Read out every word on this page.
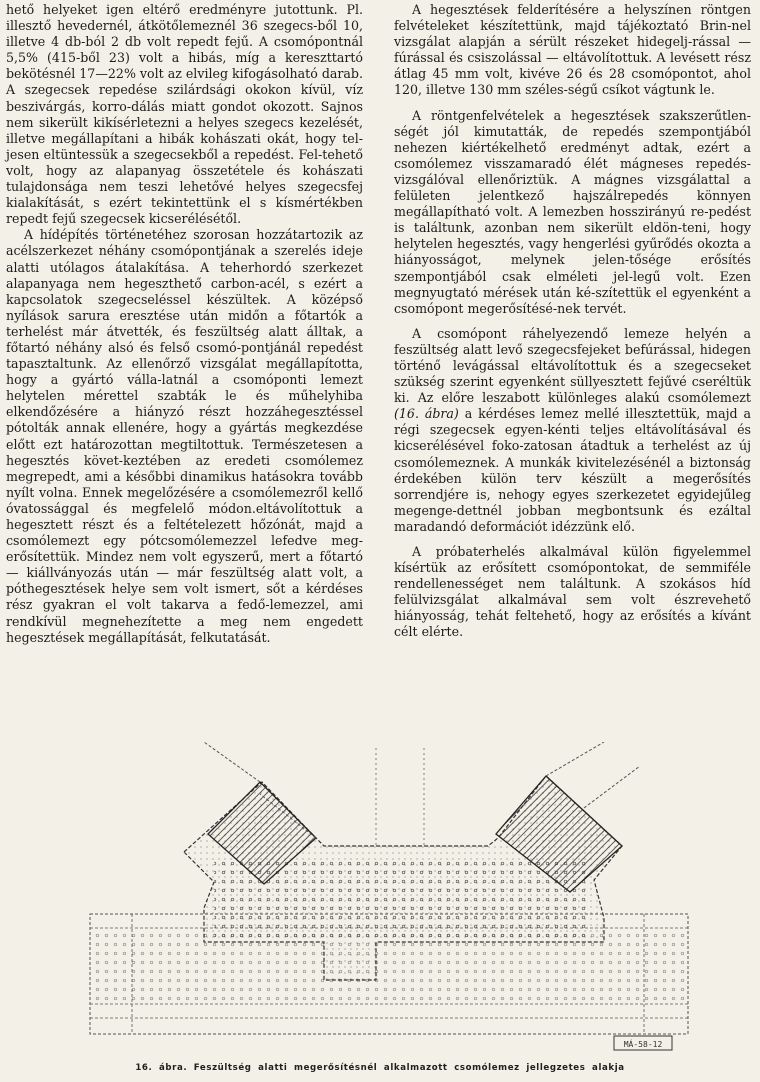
hető helyeket igen eltérő eredményre jutottunk. Pl. illesztő hevedernél, átkötőlemeznél 36 szegecs-ből 10, illetve 4 db-ból 2 db volt repedt fejű. A csomópontnál 5,5% (415-ből 23) volt a hibás, míg a kereszttartó bekötésnél 17—22% volt az elvileg kifogásolható darab. A szegecsek repedése szilárdsági okokon kívül, víz beszivárgás, korro-dálás miatt gondot okozott. Sajnos nem sikerült kikísérletezni a helyes szegecs kezelését, illetve megállapítani a hibák kohászati okát, hogy tel-jesen eltüntessük a szegecsekből a repedést. Fel-tehető volt, hogy az alapanyag összetétele és kohászati tulajdonsága nem teszi lehetővé helyes szegecsfej kialakítását, s ezért tekintettünk el s kísmértékben repedt fejű szegecsek kicserélésétől.

A hídépítés történetéhez szorosan hozzátartozik az acélszerkezet néhány csomópontjának a szerelés ideje alatti utólagos átalakítása. A teherhordó szerkezet alapanyaga nem hegeszthető carbon-acél, s ezért a kapcsolatok szegecseléssel készültek. A középső nyílások sarura eresztése után midőn a főtartók a terhelést már átvették, és feszültség alatt álltak, a főtartó néhány alsó és felső csomó-pontjánál repedést tapasztaltunk. Az ellenőrző vizsgálat megállapította, hogy a gyártó válla-latnál a csomóponti lemezt helytelen mérettel szabták le és műhelyhiba elkendőzésére a hiányzó részt hozzáhegesztéssel pótolták annak ellenére, hogy a gyártás megkezdése előtt ezt határozottan megtiltottuk. Természetesen a hegesztés követ-keztében az eredeti csomólemez megrepedt, ami a későbbi dinamikus hatásokra tovább nyílt volna. Ennek megelőzésére a csomólemezről kellő óvatossággal és megfelelő módon.eltávolítottuk a hegesztett részt és a feltételezett hőzónát, majd a csomólemezt egy pótcsomólemezzel lefedve meg-erősítettük. Mindez nem volt egyszerű, mert a főtartó — kiállványozás után — már feszültség alatt volt, a póthegesztések helye sem volt ismert, sőt a kérdéses rész gyakran el volt takarva a fedő-lemezzel, ami rendkívül megnehezítette a meg nem engedett hegesztések megállapítását, felkutatását.

A hegesztések felderítésére a helyszínen röntgen felvételeket készítettünk, majd tájékoztató Brin-nel vizsgálat alapján a sérült részeket hidegelj-rással — fúrással és csiszolással — eltávolítottuk. A levésett rész átlag 45 mm volt, kivéve 26 és 28 csomópontot, ahol 120, illetve 130 mm széles-ségű csíkot vágtunk le.

A röntgenfelvételek a hegesztések szakszerűtlen-ségét jól kimutatták, de repedés szempontjából nehezen kiértékelhető eredményt adtak, ezért a csomólemez visszamaradó élét mágneses repedés-vizsgálóval ellenőriztük. A mágnes vizsgálattal a felületen jelentkező hajszálrepedés könnyen megállapítható volt. A lemezben hosszirányú re-pedést is találtunk, azonban nem sikerült eldön-teni, hogy helytelen hegesztés, vagy hengerlési gyűrődés okozta a hiányosságot, melynek jelen-tősége erősítés szempontjából csak elméleti jel-legű volt. Ezen megnyugtató mérések után ké-szítettük el egyenként a csomópont megerősítésé-nek tervét.

A csomópont ráhelyezendő lemeze helyén a feszültség alatt levő szegecsfejeket befúrással, hidegen történő levágással eltávolítottuk és a szegecseket szükség szerint egyenként süllyesztett fejűvé cseréltük ki. Az előre leszabott különleges alakú csomólemezt (16. ábra) a kérdéses lemez mellé illesztettük, majd a régi szegecsek egyen-kénti teljes eltávolításával és kicserélésével foko-zatosan átadtuk a terhelést az új csomólemeznek. A munkák kivitelezésénél a biztonság érdekében külön terv készült a megerősítés sorrendjére is, nehogy egyes szerkezetet egyidejűleg megenge-dettnél jobban megbontsunk és ezáltal maradandó deformációt idézzünk elő.

A próbaterhelés alkalmával külön figyelemmel kísértük az erősített csomópontokat, de semmiféle rendellenességet nem találtunk. A szokásos híd felülvizsgálat alkalmával sem volt észrevehető hiányosság, tehát feltehető, hogy az erősítés a kívánt célt elérte.

MÁ-58-12
16. ábra. Feszültség alatti megerősítésnél alkalmazott csomólemez jellegzetes alakja
